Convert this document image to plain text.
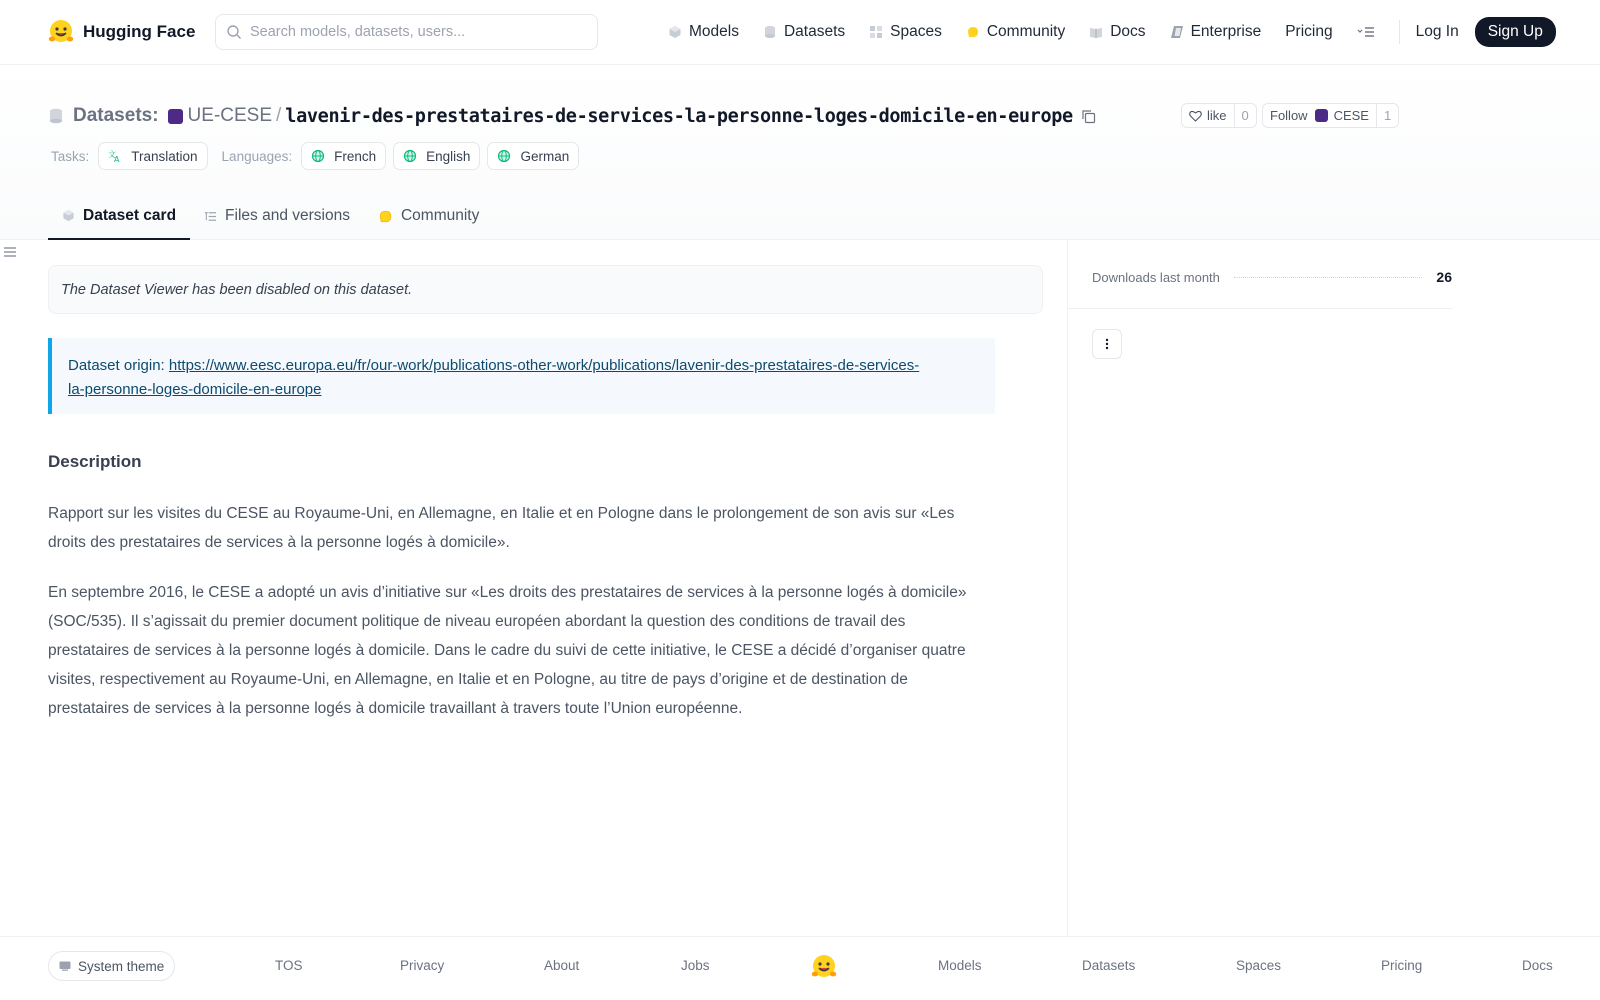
Hugging Face
Search models, datasets, users...	Models	Datasets	Spaces	Community	Docs	Enterprise Pricing	Log In Sign Up
Datasets: UE-CESE / lavenir-des-prestataires-de-services-la-personne-loges-domicile-en-europe	like	0	Follow CESE	1
Tasks: 文
A Translation Languages:	French	English	German
Dataset card	Files and versions	Community
The Dataset Viewer has been disabled on this dataset.
Dataset origin: https://www.eesc.europa.eu/fr/our-work/publications-other-work/publications/lavenir-des-prestataires-de-services-
la-personne-loges-domicile-en-europe
Description
Rapport sur les visites du CESE au Royaume-Uni, en Allemagne, en Italie et en Pologne dans le prolongement de son avis sur «Les droits des prestataires de services à la personne logés à domicile».
En septembre 2016, le CESE a adopté un avis d’initiative sur «Les droits des prestataires de services à la personne logés à domicile» (SOC/535). Il s’agissait du premier document politique de niveau européen abordant la question des conditions de travail des prestataires de services à la personne logés à domicile. Dans le cadre du suivi de cette initiative, le CESE a décidé d’organiser quatre visites, respectivement au Royaume-Uni, en Allemagne, en Italie et en Pologne, au titre de pays d’origine et de destination de prestataires de services à la personne logés à domicile travaillant à travers toute l’Union européenne.
Downloads last month	26
System theme	TOS	Privacy	About	Jobs	Models	Datasets	Spaces	Pricing	Docs
